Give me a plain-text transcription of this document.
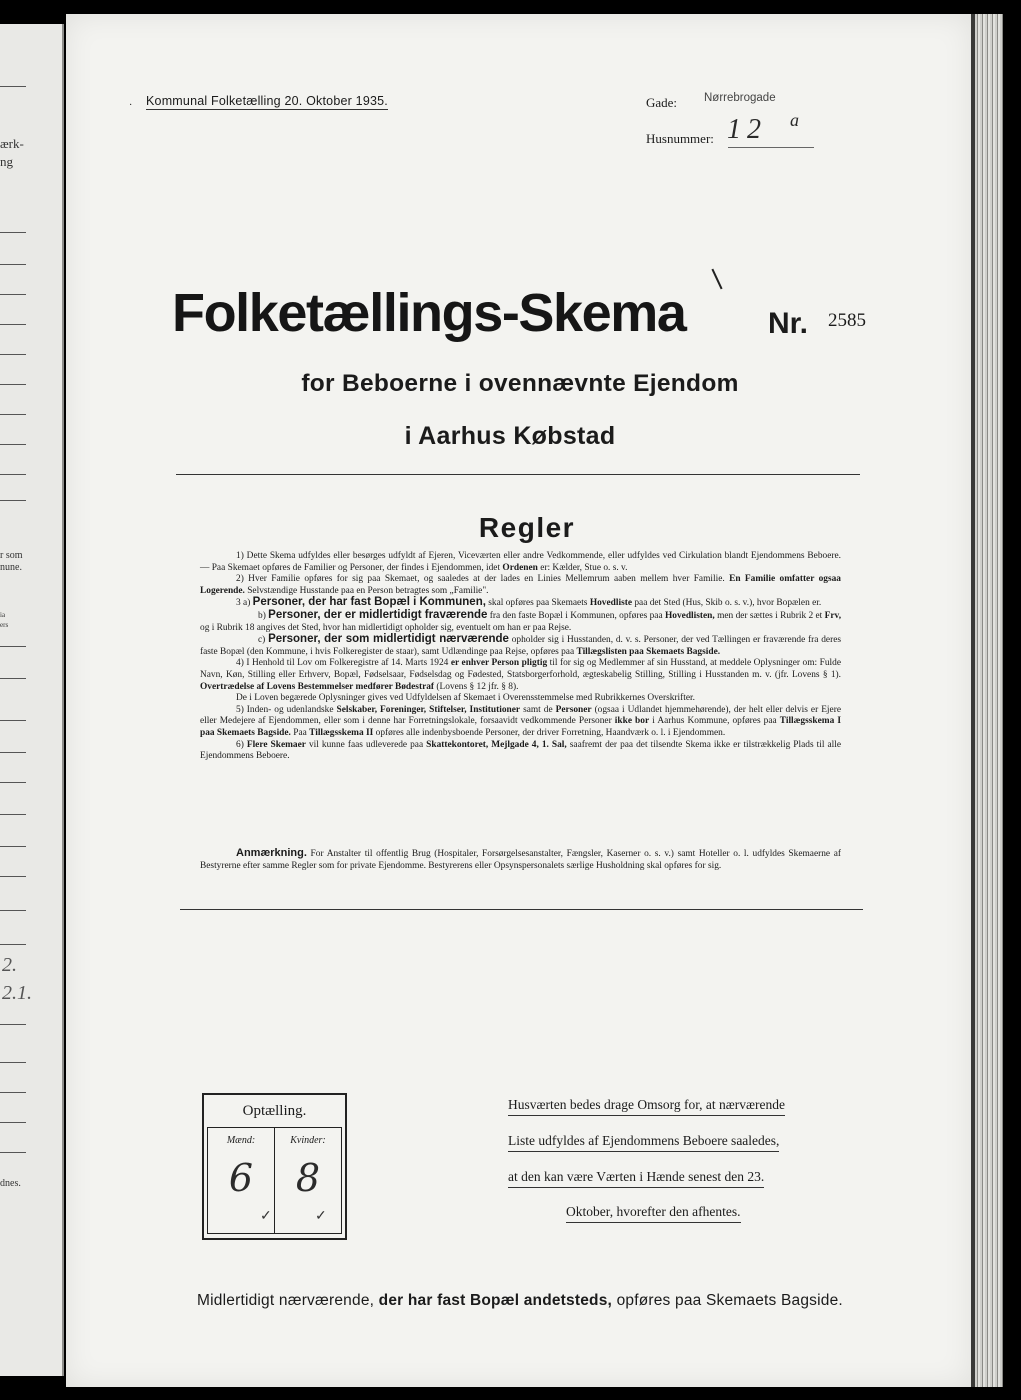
ærk-
ng
r som
nune.
ia
ers
2.
2.1.
dnes.
· Kommunal Folketælling 20. Oktober 1935.	Gade: Nørrebrogade
Husnummer: 12 a
Folketællings-Skema	Nr. 2585
for Beboerne i ovennævnte Ejendom
i Aarhus Købstad
Regler

1) Dette Skema udfyldes eller besørges udfyldt af Ejeren, Viceværten eller andre Vedkommende, eller udfyldes ved Cirkulation blandt Ejendommens Beboere. — Paa Skemaet opføres de Familier og Personer, der findes i Ejendommen, idet Ordenen er: Kælder, Stue o. s. v.

2) Hver Familie opføres for sig paa Skemaet, og saaledes at der lades en Linies Mellemrum aaben mellem hver Familie. En Familie omfatter ogsaa Logerende. Selvstændige Husstande paa en Person betragtes som „Familie".

3 a) Personer, der har fast Bopæl i Kommunen, skal opføres paa Skemaets Hovedliste paa det Sted (Hus, Skib o. s. v.), hvor Bopælen er.

b) Personer, der er midlertidigt fraværende fra den faste Bopæl i Kommunen, opføres paa Hovedlisten, men der sættes i Rubrik 2 et Frv, og i Rubrik 18 angives det Sted, hvor han midlertidigt opholder sig, eventuelt om han er paa Rejse.

c) Personer, der som midlertidigt nærværende opholder sig i Husstanden, d. v. s. Personer, der ved Tællingen er fraværende fra deres faste Bopæl (den Kommune, i hvis Folkeregister de staar), samt Udlændinge paa Rejse, opføres paa Tillægslisten paa Skemaets Bagside.

4) I Henhold til Lov om Folkeregistre af 14. Marts 1924 er enhver Person pligtig til for sig og Medlemmer af sin Husstand, at meddele Oplysninger om: Fulde Navn, Køn, Stilling eller Erhverv, Bopæl, Fødselsaar, Fødselsdag og Fødested, Statsborgerforhold, ægteskabelig Stilling, Stilling i Husstanden m. v. (jfr. Lovens § 1). Overtrædelse af Lovens Bestemmelser medfører Bødestraf (Lovens § 12 jfr. § 8).

De i Loven begærede Oplysninger gives ved Udfyldelsen af Skemaet i Overensstemmelse med Rubrikkernes Overskrifter.

5) Inden- og udenlandske Selskaber, Foreninger, Stiftelser, Institutioner samt de Personer (ogsaa i Udlandet hjemmehørende), der helt eller delvis er Ejere eller Medejere af Ejendommen, eller som i denne har Forretningslokale, forsaavidt vedkommende Personer ikke bor i Aarhus Kommune, opføres paa Tillægsskema I paa Skemaets Bagside. Paa Tillægsskema II opføres alle indenbysboende Personer, der driver Forretning, Haandværk o. l. i Ejendommen.

6) Flere Skemaer vil kunne faas udleverede paa Skattekontoret, Mejlgade 4, 1. Sal, saafremt der paa det tilsendte Skema ikke er tilstrækkelig Plads til alle Ejendommens Beboere.

Anmærkning. For Anstalter til offentlig Brug (Hospitaler, Forsørgelsesanstalter, Fængsler, Kaserner o. s. v.) samt Hoteller o. l. udfyldes Skemaerne af Bestyrerne efter samme Regler som for private Ejendomme. Bestyrerens eller Opsynspersonalets særlige Husholdning skal opføres for sig.
Optælling.
Mænd:
6
✓
Kvinder:
8
✓
Husværten bedes drage Omsorg for, at nærværende
Liste udfyldes af Ejendommens Beboere saaledes,
at den kan være Værten i Hænde senest den 23.
Oktober, hvorefter den afhentes.
Midlertidigt nærværende, der har fast Bopæl andetsteds, opføres paa Skemaets Bagside.
